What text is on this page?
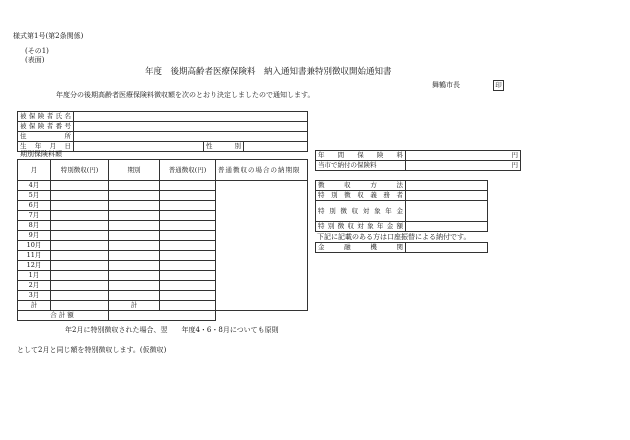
様式第1号(第2条関係)
(その1)
(表面)
年度　後期高齢者医療保険料　納入通知書兼特別徴収開始通知書
舞鶴市長	印
年度分の後期高齢者医療保険料徴収額を次のとおり決定しましたので通知します。
被保険者氏名			
被保険者番号			
住所			
生年月日		性別	
期別保険料額
月	特別徴収(円)	期別	普通徴収(円)	普通徴収の場合の納期限
4月				
5月				
6月				
7月				
8月				
9月				
10月				
11月				
12月				
1月				
2月				
3月				
計		計		
合計額				
年間保険料	円
当市で納付の保険料	円
徴収方法	
特別徴収義務者	
特別徴収対象年金	
特別徴収対象年金額	
下記に記載のある方は口座振替による納付です。
金融機関	
年2月に特別徴収された場合、翌　　年度4・6・8月についても原則
として2月と同じ額を特別徴収します。(仮徴収)
